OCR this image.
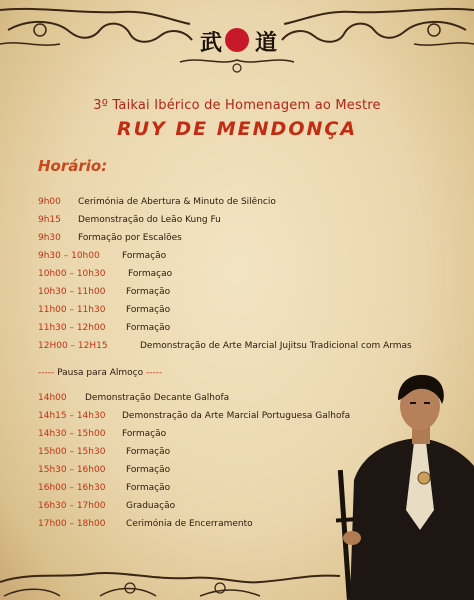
武 道
3º Taikai Ibérico de Homenagem ao Mestre
RUY DE MENDONÇA
Horário:
9h00 Cerimónia de Abertura & Minuto de Silêncio
9h15 Demonstração do Leão Kung Fu
9h30 Formação por Escalões
9h30 – 10h00 Formação
10h00 – 10h30	Formaçao
10h30 – 11h00 Formação
11h00 – 11h30 Formação
11h30 – 12h00 Formação
12H00 – 12H15	Demonstração de Arte Marcial Jujitsu Tradicional com Armas
14h00 Demonstração Decante Galhofa
14h15 – 14h30 Demonstração da Arte Marcial Portuguesa Galhofa
14h30 – 15h00 Formação
15h00 – 15h30 Formação
15h30 – 16h00 Formação
16h00 – 16h30 Formação
16h30 – 17h00 Graduação
17h00 – 18h00 Cerimónia de Encerramento
----- Pausa para Almoço -----
